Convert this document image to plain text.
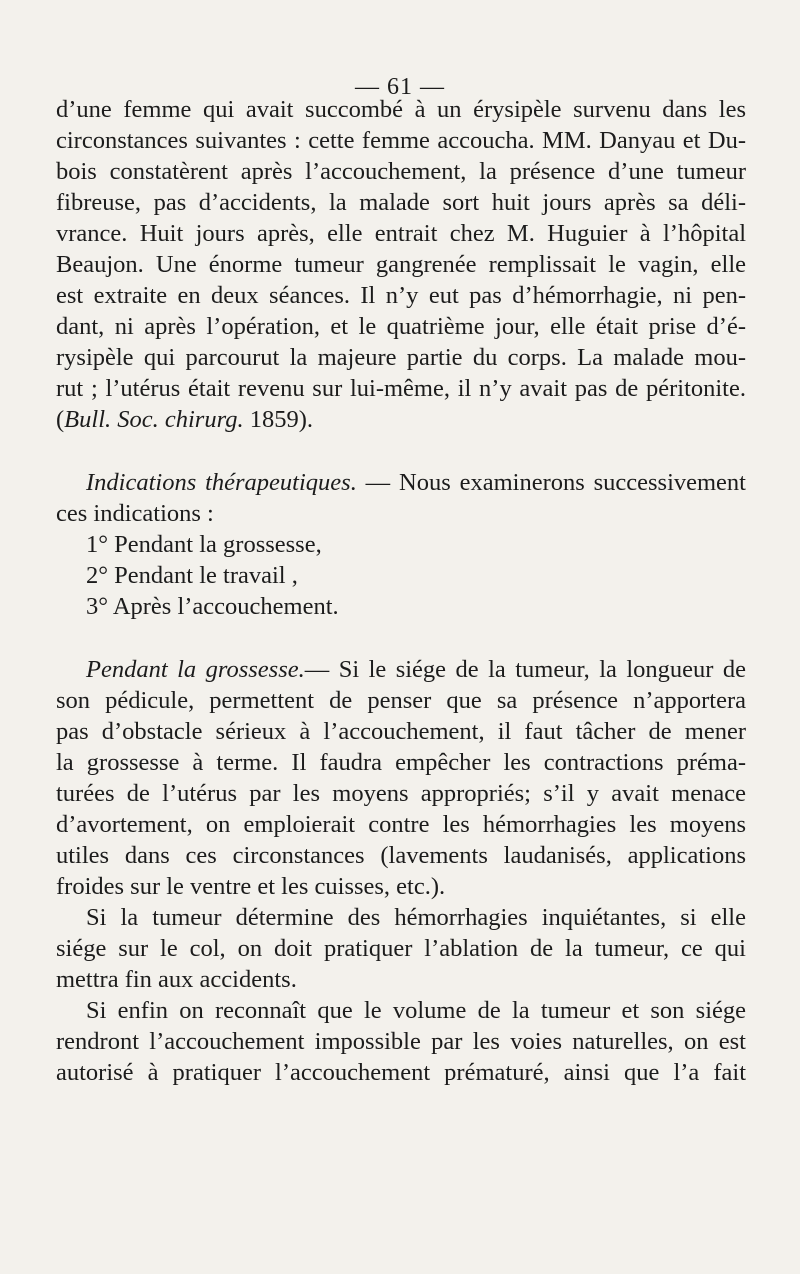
— 61 —
d’une femme qui avait succombé à un érysipèle survenu dans les
circonstances suivantes : cette femme accoucha. MM. Danyau et Du-
bois constatèrent après l’accouchement, la présence d’une tumeur
fibreuse, pas d’accidents, la malade sort huit jours après sa déli-
vrance. Huit jours après, elle entrait chez M. Huguier à l’hôpital
Beaujon. Une énorme tumeur gangrenée remplissait le vagin, elle
est extraite en deux séances. Il n’y eut pas d’hémorrhagie, ni pen-
dant, ni après l’opération, et le quatrième jour, elle était prise d’é-
rysipèle qui parcourut la majeure partie du corps. La malade mou-
rut ; l’utérus était revenu sur lui-même, il n’y avait pas de péritonite.
(Bull. Soc. chirurg. 1859).
Indications thérapeutiques. — Nous examinerons successivement
ces indications :
1° Pendant la grossesse,
2° Pendant le travail ,
3° Après l’accouchement.
Pendant la grossesse.— Si le siége de la tumeur, la longueur de
son pédicule, permettent de penser que sa présence n’apportera
pas d’obstacle sérieux à l’accouchement, il faut tâcher de mener
la grossesse à terme. Il faudra empêcher les contractions préma-
turées de l’utérus par les moyens appropriés; s’il y avait menace
d’avortement, on emploierait contre les hémorrhagies les moyens
utiles dans ces circonstances (lavements laudanisés, applications
froides sur le ventre et les cuisses, etc.).
Si la tumeur détermine des hémorrhagies inquiétantes, si elle
siége sur le col, on doit pratiquer l’ablation de la tumeur, ce qui
mettra fin aux accidents.
Si enfin on reconnaît que le volume de la tumeur et son siége
rendront l’accouchement impossible par les voies naturelles, on est
autorisé à pratiquer l’accouchement prématuré, ainsi que l’a fait
